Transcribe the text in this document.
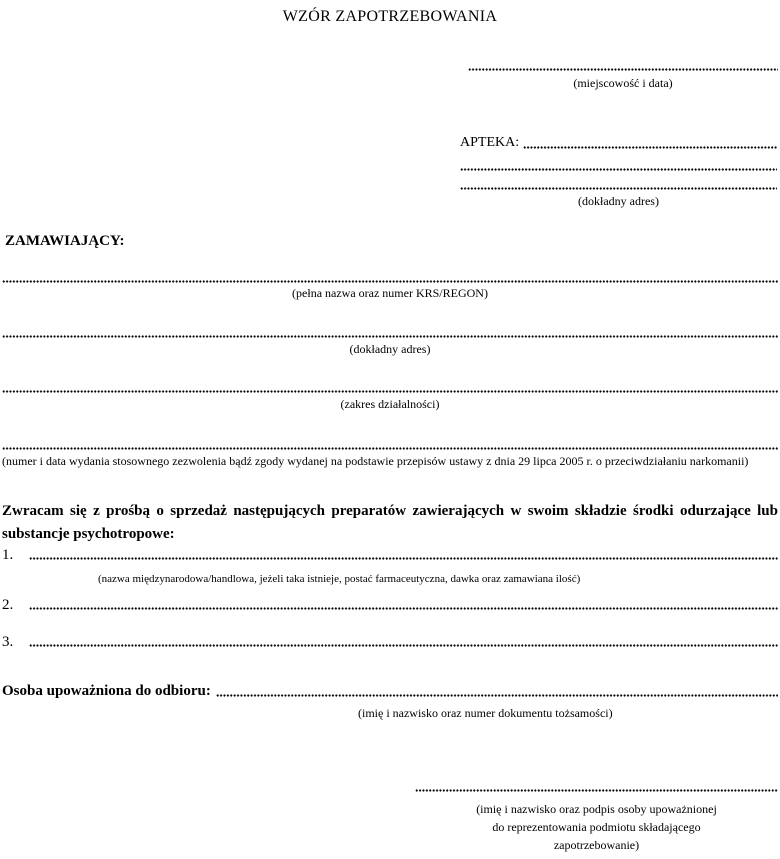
WZÓR ZAPOTRZEBOWANIA
(miejscowość i data)
APTEKA:
(dokładny adres)
ZAMAWIAJĄCY:
(pełna nazwa oraz numer KRS/REGON)
(dokładny adres)
(zakres działalności)
(numer i data wydania stosownego zezwolenia bądź zgody wydanej na podstawie przepisów ustawy z dnia 29 lipca 2005 r. o przeciwdziałaniu narkomanii)
Zwracam się z prośbą o sprzedaż następujących preparatów zawierających w swoim składzie środki odurzające lub substancje psychotropowe:
1.
(nazwa międzynarodowa/handlowa, jeżeli taka istnieje, postać farmaceutyczna, dawka oraz zamawiana ilość)
2.
3.
Osoba upoważniona do odbioru:
(imię i nazwisko oraz numer dokumentu tożsamości)
(imię i nazwisko oraz podpis osoby upoważnionej
do reprezentowania podmiotu składającego
zapotrzebowanie)
